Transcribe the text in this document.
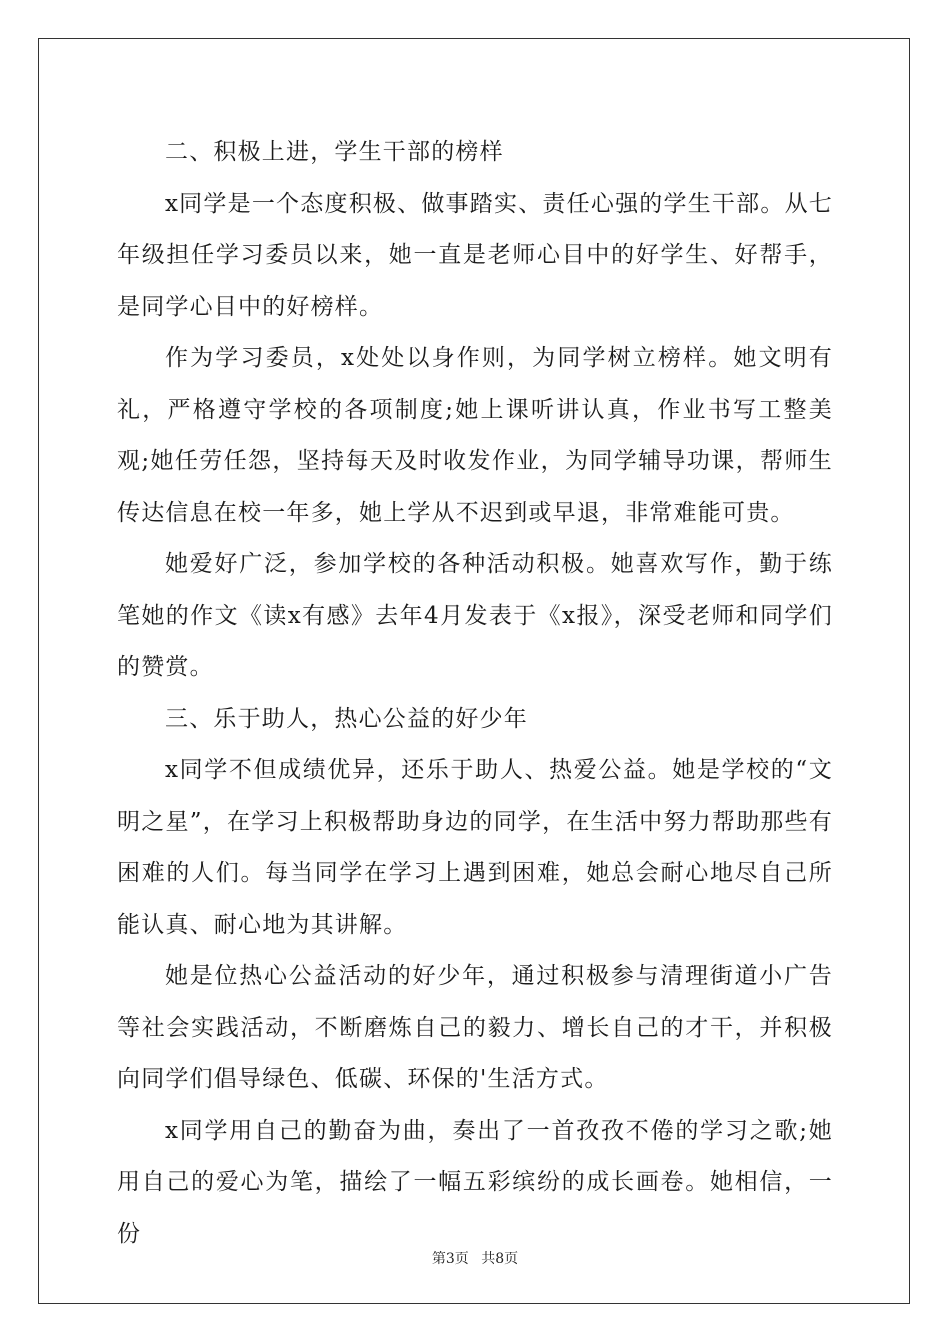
二、积极上进，学生干部的榜样

x同学是一个态度积极、做事踏实、责任心强的学生干部。从七年级担任学习委员以来，她一直是老师心目中的好学生、好帮手，是同学心目中的好榜样。

作为学习委员，x处处以身作则，为同学树立榜样。她文明有礼，严格遵守学校的各项制度;她上课听讲认真，作业书写工整美观;她任劳任怨，坚持每天及时收发作业，为同学辅导功课，帮师生传达信息在校一年多，她上学从不迟到或早退，非常难能可贵。

她爱好广泛，参加学校的各种活动积极。她喜欢写作，勤于练笔她的作文《读x有感》去年4月发表于《x报》，深受老师和同学们的赞赏。

三、乐于助人，热心公益的好少年

x同学不但成绩优异，还乐于助人、热爱公益。她是学校的“文明之星”，在学习上积极帮助身边的同学，在生活中努力帮助那些有困难的人们。每当同学在学习上遇到困难，她总会耐心地尽自己所能认真、耐心地为其讲解。

她是位热心公益活动的好少年，通过积极参与清理街道小广告等社会实践活动，不断磨炼自己的毅力、增长自己的才干，并积极向同学们倡导绿色、低碳、环保的'生活方式。

x同学用自己的勤奋为曲，奏出了一首孜孜不倦的学习之歌;她用自己的爱心为笔，描绘了一幅五彩缤纷的成长画卷。她相信，一份

第3页 共8页
